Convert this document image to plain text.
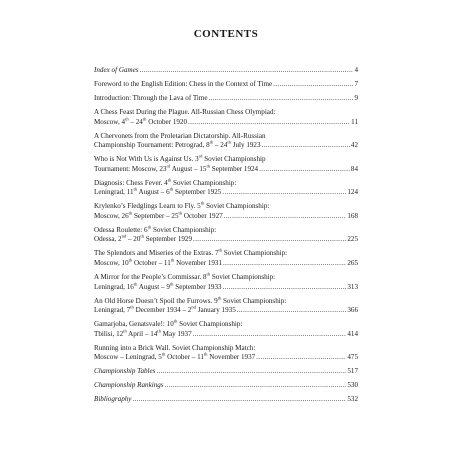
CONTENTS
Index of Games .....	4
Foreword to the English Edition: Chess in the Context of Time .....	7
Introduction: Through the Lava of Time .....	9
A Chess Feast During the Plague. All-Russian Chess Olympiad:
Moscow, 4th – 24th October 1920 .....	11
A Chervonets from the Proletarian Dictatorship. All-Russian
Championship Tournament: Petrograd, 8th – 24th July 1923 .....	42
Who is Not With Us is Against Us. 3rd Soviet Championship
Tournament: Moscow, 23rd August – 15th September 1924 .....	84
Diagnosis: Chess Fever. 4th Soviet Championship:
Leningrad, 11th August – 6th September 1925 .....	124
Krylenko’s Fledglings Learn to Fly. 5th Soviet Championship:
Moscow, 26th September – 25th October 1927 .....	168
Odessa Roulette: 6th Soviet Championship:
Odessa, 2nd – 20th September 1929 .....	225
The Splendors and Miseries of the Extras. 7th Soviet Championship:
Moscow, 10th October – 11th November 1931 .....	265
A Mirror for the People’s Commissar. 8th Soviet Championship:
Leningrad, 16th August – 9th September 1933 .....	313
An Old Horse Doesn’t Spoil the Furrows. 9th Soviet Championship:
Leningrad, 7th December 1934 – 2nd January 1935 .....	366
Gamarjoba, Genatsvale!: 10th Soviet Championship:
Tbilisi, 12th April – 14th May 1937 .....	414
Running into a Brick Wall. Soviet Championship Match:
Moscow – Leningrad, 5th October – 11th November 1937 .....	475
Championship Tables .....	517
Championship Rankings .....	530
Bibliography .....	532
